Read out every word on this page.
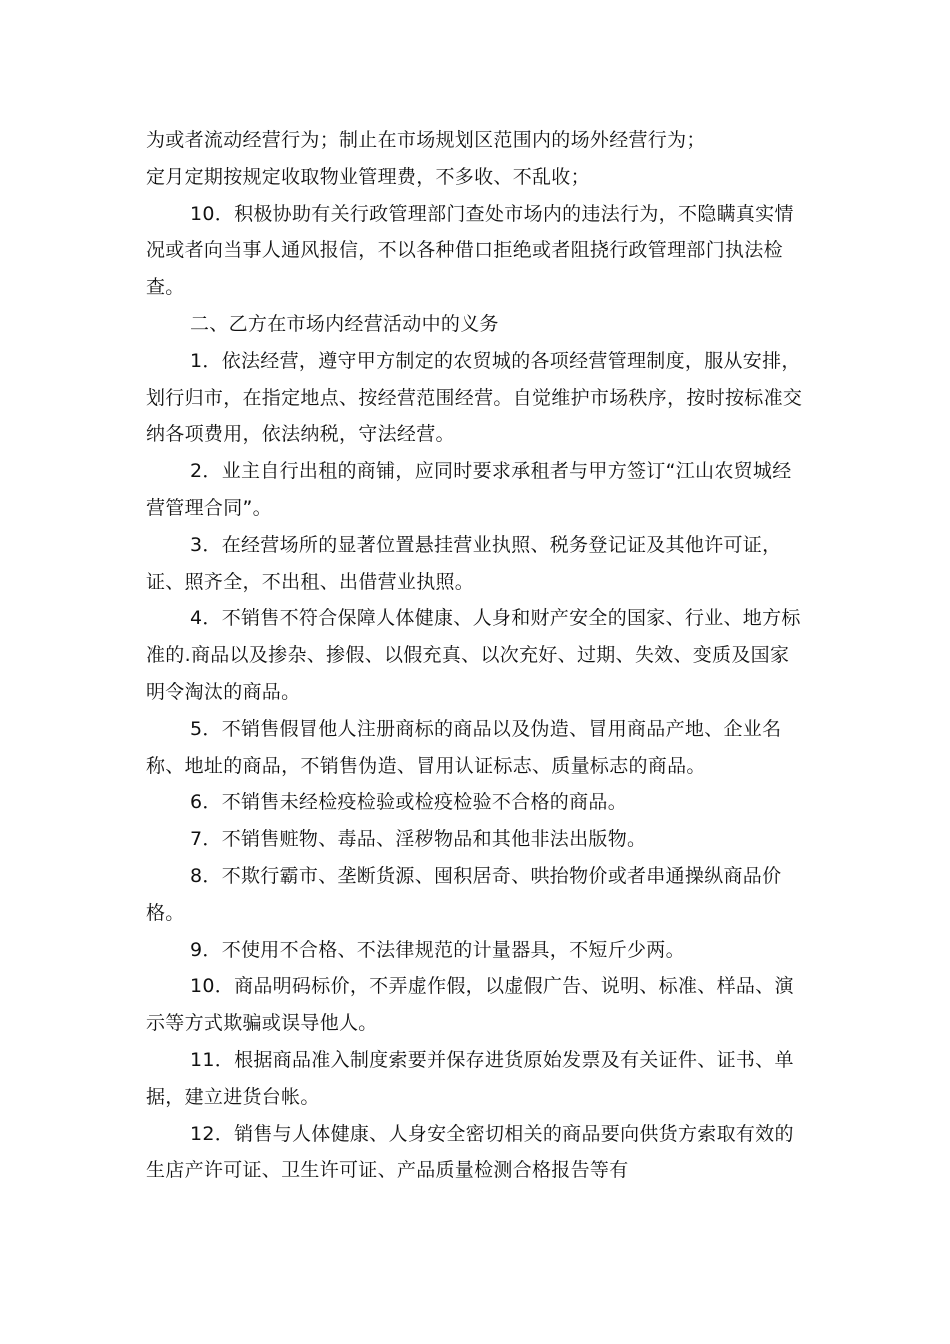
为或者流动经营行为；制止在市场规划区范围内的场外经营行为；

定月定期按规定收取物业管理费，不多收、不乱收；

10．积极协助有关行政管理部门查处市场内的违法行为，不隐瞒真实情况或者向当事人通风报信，不以各种借口拒绝或者阻挠行政管理部门执法检查。

二、乙方在市场内经营活动中的义务

1．依法经营，遵守甲方制定的农贸城的各项经营管理制度，服从安排，划行归市，在指定地点、按经营范围经营。自觉维护市场秩序，按时按标准交纳各项费用，依法纳税，守法经营。

2．业主自行出租的商铺，应同时要求承租者与甲方签订“江山农贸城经营管理合同”。

3．在经营场所的显著位置悬挂营业执照、税务登记证及其他许可证，证、照齐全，不出租、出借营业执照。

4．不销售不符合保障人体健康、人身和财产安全的国家、行业、地方标准的.商品以及掺杂、掺假、以假充真、以次充好、过期、失效、变质及国家明令淘汰的商品。

5．不销售假冒他人注册商标的商品以及伪造、冒用商品产地、企业名称、地址的商品，不销售伪造、冒用认证标志、质量标志的商品。

6．不销售未经检疫检验或检疫检验不合格的商品。

7．不销售赃物、毒品、淫秽物品和其他非法出版物。

8．不欺行霸市、垄断货源、囤积居奇、哄抬物价或者串通操纵商品价格。

9．不使用不合格、不法律规范的计量器具，不短斤少两。

10．商品明码标价，不弄虚作假，以虚假广告、说明、标准、样品、演示等方式欺骗或误导他人。

11．根据商品准入制度索要并保存进货原始发票及有关证件、证书、单据，建立进货台帐。

12．销售与人体健康、人身安全密切相关的商品要向供货方索取有效的生店产许可证、卫生许可证、产品质量检测合格报告等有
